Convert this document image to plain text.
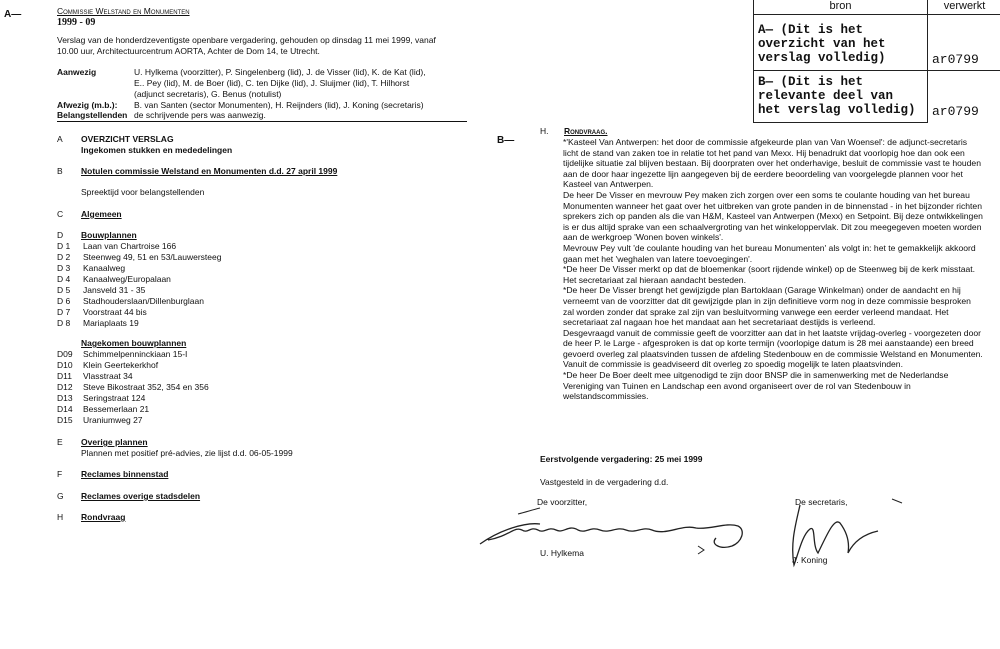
A—	Commissie Welstand en Monumenten
1999 - 09
Verslag van de honderdzeventigste openbare vergadering, gehouden op dinsdag 11 mei 1999, vanaf
10.00 uur, Architectuurcentrum AORTA, Achter de Dom 14, te Utrecht.
Aanwezig	U. Hylkema (voorzitter), P. Singelenberg (lid), J. de Visser (lid), K. de Kat (lid),
E.. Pey (lid), M. de Boer (lid), C. ten Dijke (lid), J. Sluijmer (lid), T. Hilhorst
(adjunct secretaris), G. Benus (notulist)
Afwezig (m.b.): B. van Santen (sector Monumenten), H. Reijnders (lid), J. Koning (secretaris)
Belangstellenden de schrijvende pers was aanwezig.
A OVERZICHT VERSLAG
Ingekomen stukken en mededelingen
B Notulen commissie Welstand en Monumenten d.d. 27 april 1999
Spreektijd voor belangstellenden
C Algemeen
D Bouwplannen
D 1 Laan van Chartroise 166
D 2 Steenweg 49, 51 en 53/Lauwersteeg
D 3 Kanaalweg
D 4 Kanaalweg/Europalaan
D 5 Jansveld 31 - 35
D 6 Stadhouderslaan/Dillenburglaan
D 7 Voorstraat 44 bis
D 8 Mariaplaats 19
Nagekomen bouwplannen
D09 Schimmelpenninckiaan 15-I
D10 Klein Geertekerkhof
D11 Vlasstraat 34
D12 Steve Bikostraat 352, 354 en 356
D13 Seringstraat 124
D14 Bessemerlaan 21
D15 Uraniumweg 27
E Overige plannen
Plannen met positief pré-advies, zie lijst d.d. 06-05-1999
F Reclames binnenstad
G Reclames overige stadsdelen
H Rondvraag
bron	verwerkt
A— (Dit is het overzicht van het verslag volledig)	ar0799
B— (Dit is het relevante deel van het verslag volledig)	ar0799
B—
H. Rondvraag.

*'Kasteel Van Antwerpen: het door de commissie afgekeurde plan van Van Woensel': de adjunct-secretaris licht de stand van zaken toe in relatie tot het pand van Mexx. Hij benadrukt dat voorlopig hoe dan ook een tijdelijke situatie zal blijven bestaan. Bij doorpraten over het onderhavige, besluit de commissie vast te houden aan de door haar ingezette lijn aangegeven bij de eerdere beoordeling van voorgelegde plannen voor het Kasteel van Antwerpen.

De heer De Visser en mevrouw Pey maken zich zorgen over een soms te coulante houding van het bureau Monumenten wanneer het gaat over het uitbreken van grote panden in de binnenstad - in het bijzonder richten sprekers zich op panden als die van H&M, Kasteel van Antwerpen (Mexx) en Setpoint. Bij deze ontwikkelingen is er dus altijd sprake van een schaalvergroting van het winkeloppervlak. Dit zou meegegeven moeten worden aan de werkgroep 'Wonen boven winkels'.

Mevrouw Pey vult 'de coulante houding van het bureau Monumenten' als volgt in: het te gemakkelijk akkoord gaan met het 'weghalen van latere toevoegingen'.

*De heer De Visser merkt op dat de bloemenkar (soort rijdende winkel) op de Steenweg bij de kerk misstaat. Het secretariaat zal hieraan aandacht besteden.

*De heer De Visser brengt het gewijzigde plan Bartoklaan (Garage Winkelman) onder de aandacht en hij verneemt van de voorzitter dat dit gewijzigde plan in zijn definitieve vorm nog in deze commissie besproken zal worden zonder dat sprake zal zijn van besluitvorming vanwege een eerder verleend mandaat. Het secretariaat zal nagaan hoe het mandaat aan het secretariaat destijds is verleend.

Desgevraagd vanuit de commissie geeft de voorzitter aan dat in het laatste vrijdag-overleg - voorgezeten door de heer P. le Large - afgesproken is dat op korte termijn (voorlopige datum is 28 mei aanstaande) een breed gevoerd overleg zal plaatsvinden tussen de afdeling Stedenbouw en de commissie Welstand en Monumenten. Vanuit de commissie is geadviseerd dit overleg zo spoedig mogelijk te laten plaatsvinden.

*De heer De Boer deelt mee uitgenodigd te zijn door BNSP die in samenwerking met de Nederlandse Vereniging van Tuinen en Landschap een avond organiseert over de rol van Stedenbouw in welstandscommissies.

Eerstvolgende vergadering: 25 mei 1999
Vastgesteld in de vergadering d.d.
De voorzitter,
U. Hylkema
De secretaris,
J. Koning
